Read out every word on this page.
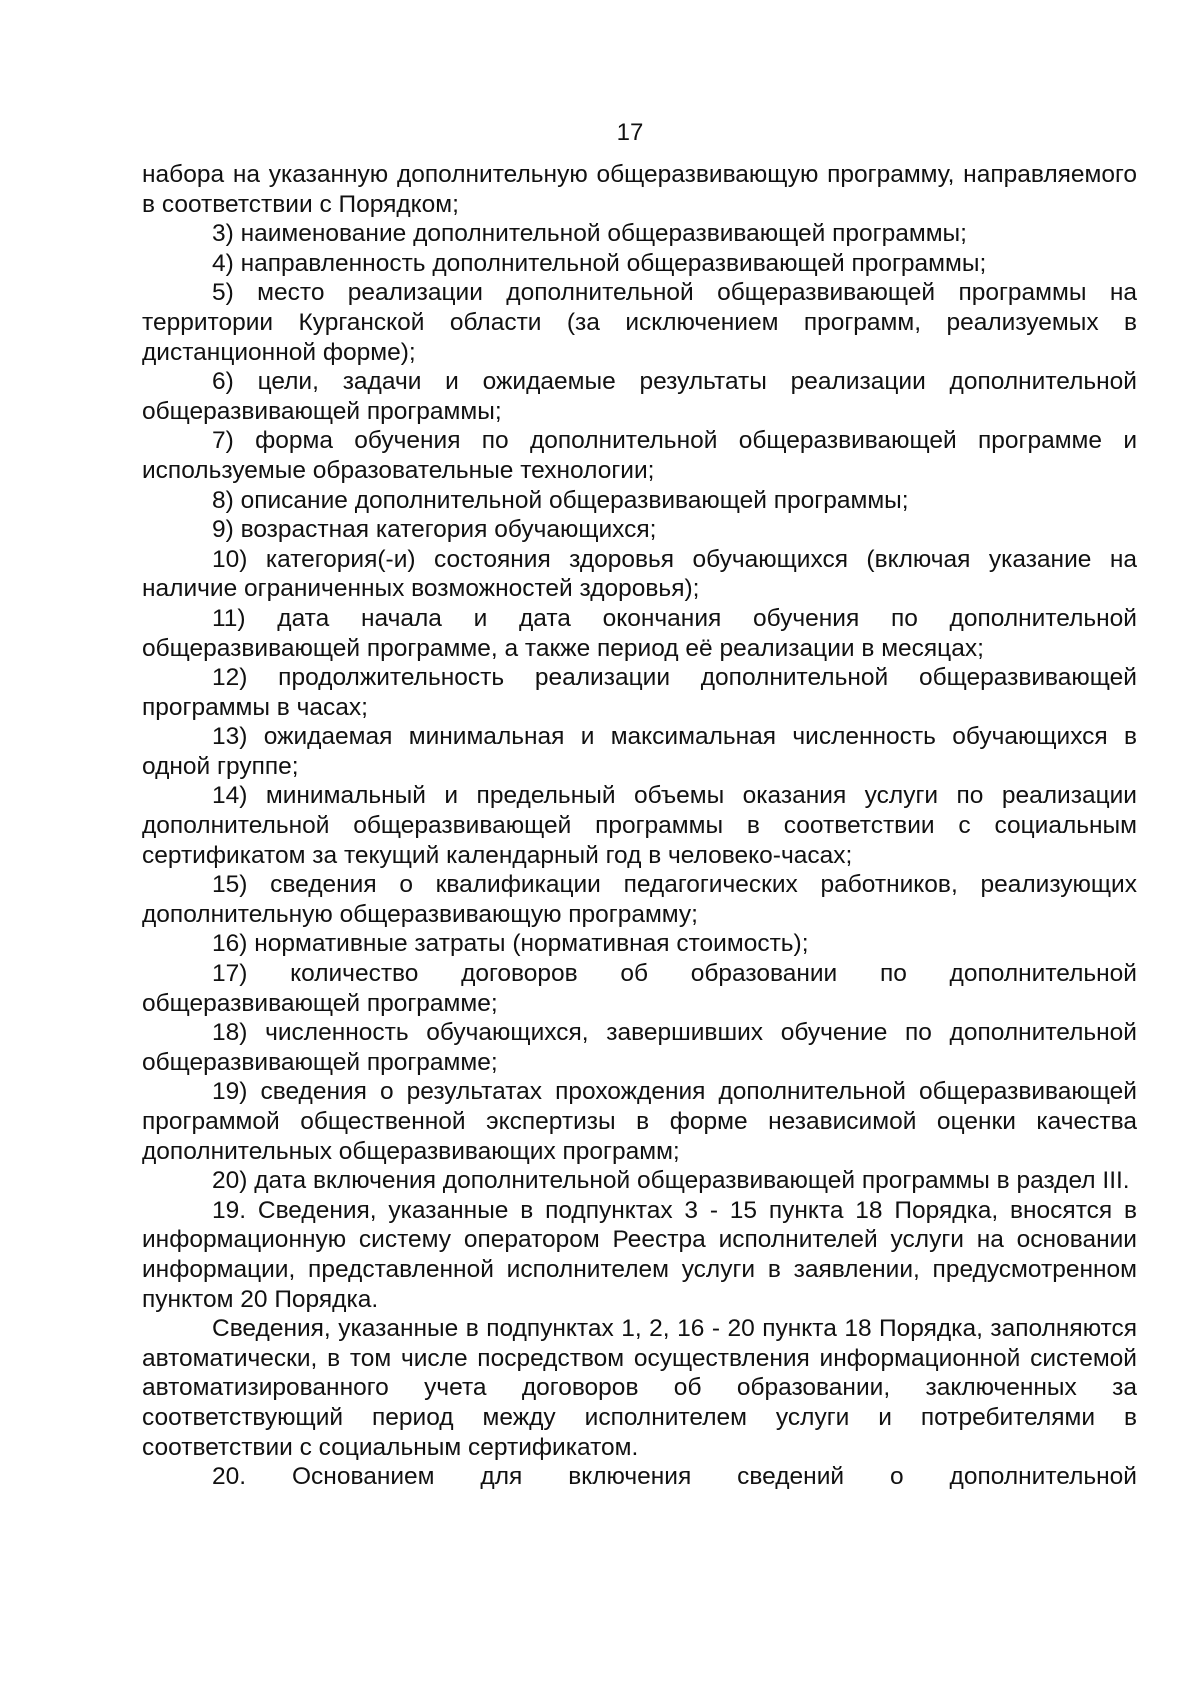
17

набора на указанную дополнительную общеразвивающую программу, направляемого в соответствии с Порядком;

3) наименование дополнительной общеразвивающей программы;

4) направленность дополнительной общеразвивающей программы;

5) место реализации дополнительной общеразвивающей программы на территории Курганской области (за исключением программ, реализуемых в дистанционной форме);

6) цели, задачи и ожидаемые результаты реализации дополнительной общеразвивающей программы;

7) форма обучения по дополнительной общеразвивающей программе и используемые образовательные технологии;

8) описание дополнительной общеразвивающей программы;

9) возрастная категория обучающихся;

10) категория(-и) состояния здоровья обучающихся (включая указание на наличие ограниченных возможностей здоровья);

11) дата начала и дата окончания обучения по дополнительной общеразвивающей программе, а также период её реализации в месяцах;

12) продолжительность реализации дополнительной общеразвивающей программы в часах;

13) ожидаемая минимальная и максимальная численность обучающихся в одной группе;

14) минимальный и предельный объемы оказания услуги по реализации дополнительной общеразвивающей программы в соответствии с социальным сертификатом за текущий календарный год в человеко-часах;

15) сведения о квалификации педагогических работников, реализующих дополнительную общеразвивающую программу;

16) нормативные затраты (нормативная стоимость);

17) количество договоров об образовании по дополнительной общеразвивающей программе;

18) численность обучающихся, завершивших обучение по дополнительной общеразвивающей программе;

19) сведения о результатах прохождения дополнительной общеразвивающей программой общественной экспертизы в форме независимой оценки качества дополнительных общеразвивающих программ;

20) дата включения дополнительной общеразвивающей программы в раздел III.

19. Сведения, указанные в подпунктах 3 - 15 пункта 18 Порядка, вносятся в информационную систему оператором Реестра исполнителей услуги на основании информации, представленной исполнителем услуги в заявлении, предусмотренном пунктом 20 Порядка.

Сведения, указанные в подпунктах 1, 2, 16 - 20 пункта 18 Порядка, заполняются автоматически, в том числе посредством осуществления информационной системой автоматизированного учета договоров об образовании, заключенных за соответствующий период между исполнителем услуги и потребителями в соответствии с социальным сертификатом.

20. Основанием для включения сведений о дополнительной
